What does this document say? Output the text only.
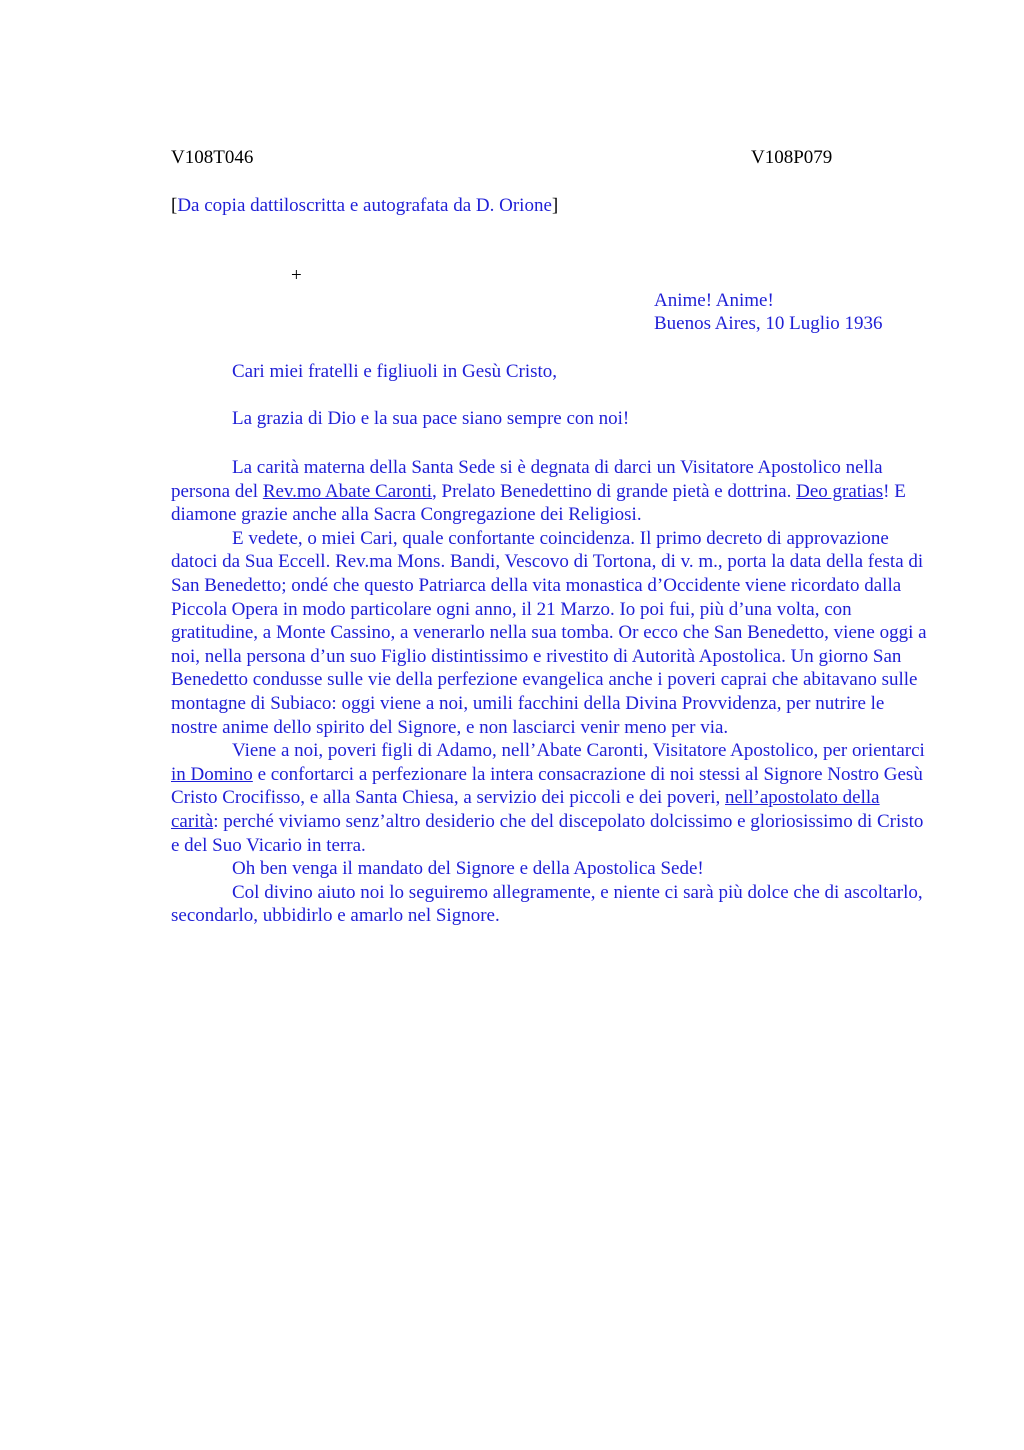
V108T046	V108P079
[Da copia dattiloscritta e autografata da D. Orione]
+
Anime! Anime!
Buenos Aires, 10 Luglio 1936
Cari miei fratelli e figliuoli in Gesù Cristo,
La grazia di Dio e la sua pace siano sempre con noi!

La carità materna della Santa Sede si è degnata di darci un Visitatore Apostolico nella persona del Rev.mo Abate Caronti, Prelato Benedettino di grande pietà e dottrina. Deo gratias! E diamone grazie anche alla Sacra Congregazione dei Religiosi.

E vedete, o miei Cari, quale confortante coincidenza. Il primo decreto di approvazione datoci da Sua Eccell. Rev.ma Mons. Bandi, Vescovo di Tortona, di v. m., porta la data della festa di San Benedetto; ondé che questo Patriarca della vita monastica d’Occidente viene ricordato dalla Piccola Opera in modo particolare ogni anno, il 21 Marzo. Io poi fui, più d’una volta, con gratitudine, a Monte Cassino, a venerarlo nella sua tomba. Or ecco che San Benedetto, viene oggi a noi, nella persona d’un suo Figlio distintissimo e rivestito di Autorità Apostolica. Un giorno San Benedetto condusse sulle vie della perfezione evangelica anche i poveri caprai che abitavano sulle montagne di Subiaco: oggi viene a noi, umili facchini della Divina Provvidenza, per nutrire le nostre anime dello spirito del Signore, e non lasciarci venir meno per via.

Viene a noi, poveri figli di Adamo, nell’Abate Caronti, Visitatore Apostolico, per orientarci in Domino e confortarci a perfezionare la intera consacrazione di noi stessi al Signore Nostro Gesù Cristo Crocifisso, e alla Santa Chiesa, a servizio dei piccoli e dei poveri, nell’apostolato della carità: perché viviamo senz’altro desiderio che del discepolato dolcissimo e gloriosissimo di Cristo e del Suo Vicario in terra.

Oh ben venga il mandato del Signore e della Apostolica Sede!

Col divino aiuto noi lo seguiremo allegramente, e niente ci sarà più dolce che di ascoltarlo, secondarlo, ubbidirlo e amarlo nel Signore.
